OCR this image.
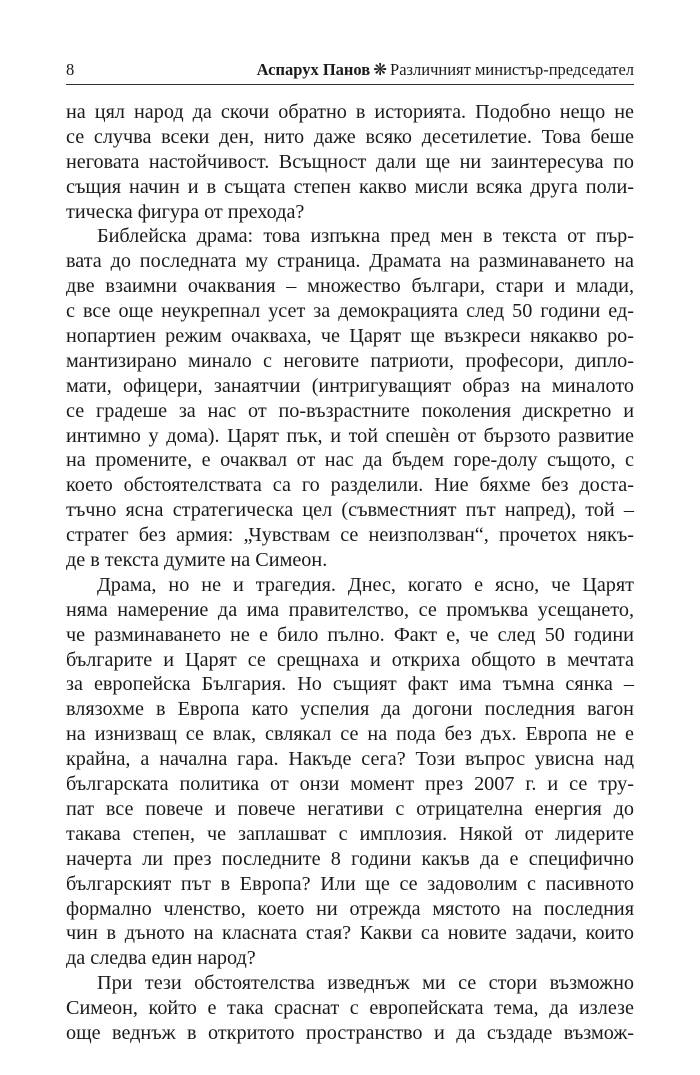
8	Аспарух Панов ❋ Различният министър-председател
на цял народ да скочи обратно в историята. Подобно нещо не
се случва всеки ден, нито даже всяко десетилетие. Това беше
неговата настойчивост. Всъщност дали ще ни заинтересува по
същия начин и в същата степен какво мисли всяка друга поли-
тическа фигура от прехода?
Библейска драма: това изпъкна пред мен в текста от пър-
вата до последната му страница. Драмата на разминаването на
две взаимни очаквания – множество българи, стари и млади,
с все още неукрепнал усет за демокрацията след 50 години ед-
нопартиен режим очакваха, че Царят ще възкреси някакво ро-
мантизирано минало с неговите патриоти, професори, дипло-
мати, офицери, занаятчии (интригуващият образ на миналото
се градеше за нас от по-възрастните поколения дискретно и
интимно у дома). Царят пък, и той спешèн от бързото развитие
на промените, е очаквал от нас да бъдем горе-долу същото, с
което обстоятелствата са го разделили. Ние бяхме без доста-
тъчно ясна стратегическа цел (съвместният път напред), той –
стратег без армия: „Чувствам се неизползван“, прочетох някъ-
де в текста думите на Симеон.
Драма, но не и трагедия. Днес, когато е ясно, че Царят
няма намерение да има правителство, се промъква усещането,
че разминаването не е било пълно. Факт е, че след 50 години
българите и Царят се срещнаха и открихa общото в мечтата
за европейска България. Но същият факт има тъмна сянка –
влязохме в Европа като успелия да догони последния вагон
на изнизващ се влак, свлякал се на пода без дъх. Европа не е
крайна, а начална гара. Накъде сега? Този въпрос увисна над
българската политика от онзи момент през 2007 г. и се тру-
пат все повече и повече негативи с отрицателна енергия до
такава степен, че заплашват с имплозия. Някой от лидерите
начерта ли през последните 8 години какъв да е специфично
българският път в Европа? Или ще се задоволим с пасивното
формално членство, което ни отрежда мястото на последния
чин в дъното на класната стая? Какви са новите задачи, които
да следва един народ?
При тези обстоятелства изведнъж ми се стори възможно
Симеон, който е така сраснат с европейската тема, да излезе
още веднъж в откритото пространство и да създаде възмож-
